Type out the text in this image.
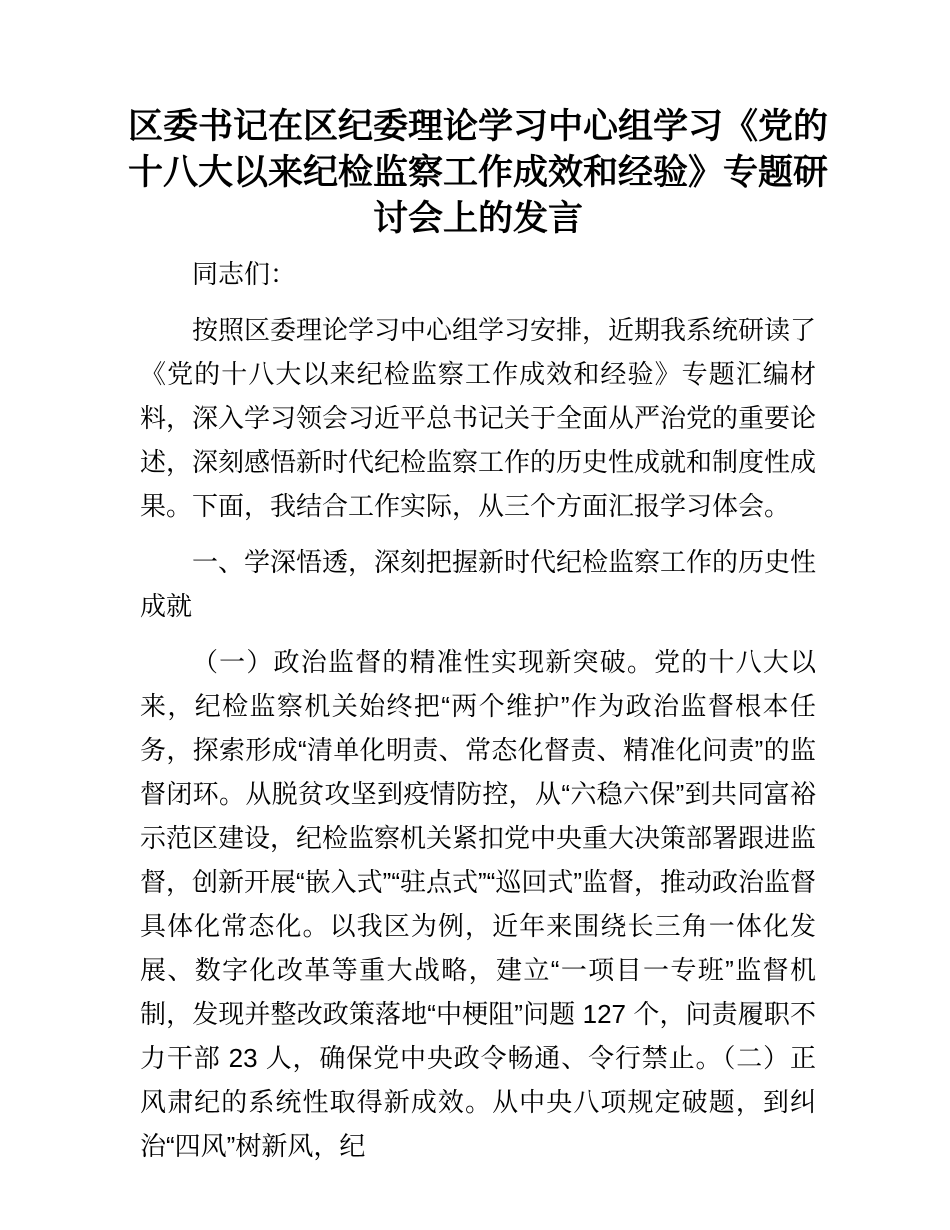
区委书记在区纪委理论学习中心组学习《党的十八大以来纪检监察工作成效和经验》专题研讨会上的发言

同志们：

按照区委理论学习中心组学习安排，近期我系统研读了《党的十八大以来纪检监察工作成效和经验》专题汇编材料，深入学习领会习近平总书记关于全面从严治党的重要论述，深刻感悟新时代纪检监察工作的历史性成就和制度性成果。下面，我结合工作实际，从三个方面汇报学习体会。

一、学深悟透，深刻把握新时代纪检监察工作的历史性成就

（一）政治监督的精准性实现新突破。党的十八大以来，纪检监察机关始终把“两个维护”作为政治监督根本任务，探索形成“清单化明责、常态化督责、精准化问责”的监督闭环。从脱贫攻坚到疫情防控，从“六稳六保”到共同富裕示范区建设，纪检监察机关紧扣党中央重大决策部署跟进监督，创新开展“嵌入式”“驻点式”“巡回式”监督，推动政治监督具体化常态化。以我区为例，近年来围绕长三角一体化发展、数字化改革等重大战略，建立“一项目一专班”监督机制，发现并整改政策落地“中梗阻”问题 127 个，问责履职不力干部 23 人，确保党中央政令畅通、令行禁止。（二）正风肃纪的系统性取得新成效。从中央八项规定破题，到纠治“四风”树新风，纪
